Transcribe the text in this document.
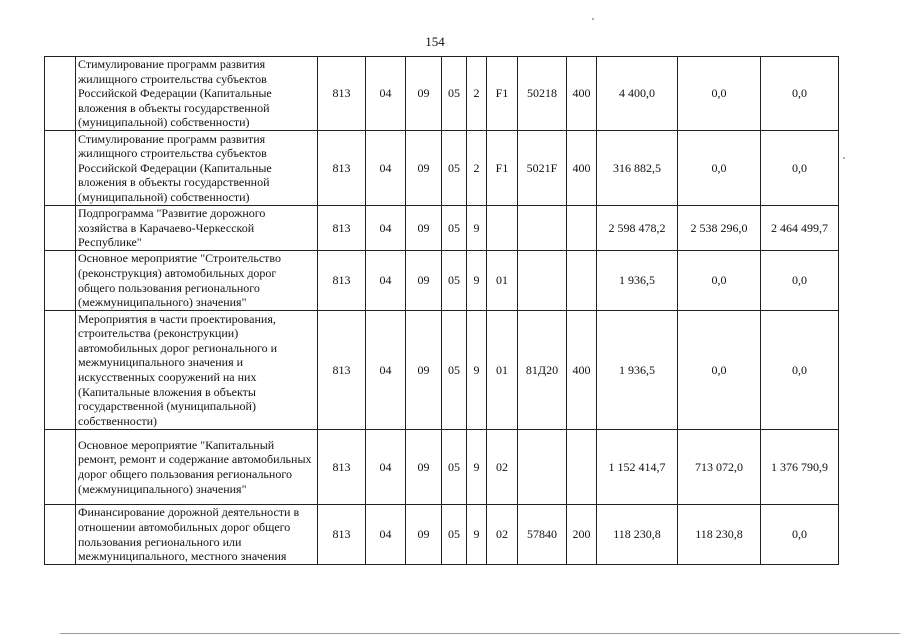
154
	Стимулирование программ развития жилищного строительства субъектов Российской Федерации (Капитальные вложения в объекты государственной (муниципальной) собственности)	813	04	09	05	2	F1	50218	400	4 400,0	0,0	0,0
	Стимулирование программ развития жилищного строительства субъектов Российской Федерации (Капитальные вложения в объекты государственной (муниципальной) собственности)	813	04	09	05	2	F1	5021F	400	316 882,5	0,0	0,0
	Подпрограмма "Развитие дорожного хозяйства в Карачаево-Черкесской Республике"	813	04	09	05	9				2 598 478,2	2 538 296,0	2 464 499,7
	Основное мероприятие "Строительство (реконструкция) автомобильных дорог общего пользования регионального (межмуниципального) значения"	813	04	09	05	9	01			1 936,5	0,0	0,0
	Мероприятия в части проектирования, строительства (реконструкции) автомобильных дорог регионального и межмуниципального значения и искусственных сооружений на них (Капитальные вложения в объекты государственной (муниципальной) собственности)	813	04	09	05	9	01	81Д20	400	1 936,5	0,0	0,0
	Основное мероприятие "Капитальный ремонт, ремонт и содержание автомобильных дорог общего пользования регионального (межмуниципального) значения"	813	04	09	05	9	02			1 152 414,7	713 072,0	1 376 790,9
	Финансирование дорожной деятельности в отношении автомобильных дорог общего пользования регионального или межмуниципального, местного значения	813	04	09	05	9	02	57840	200	118 230,8	118 230,8	0,0
